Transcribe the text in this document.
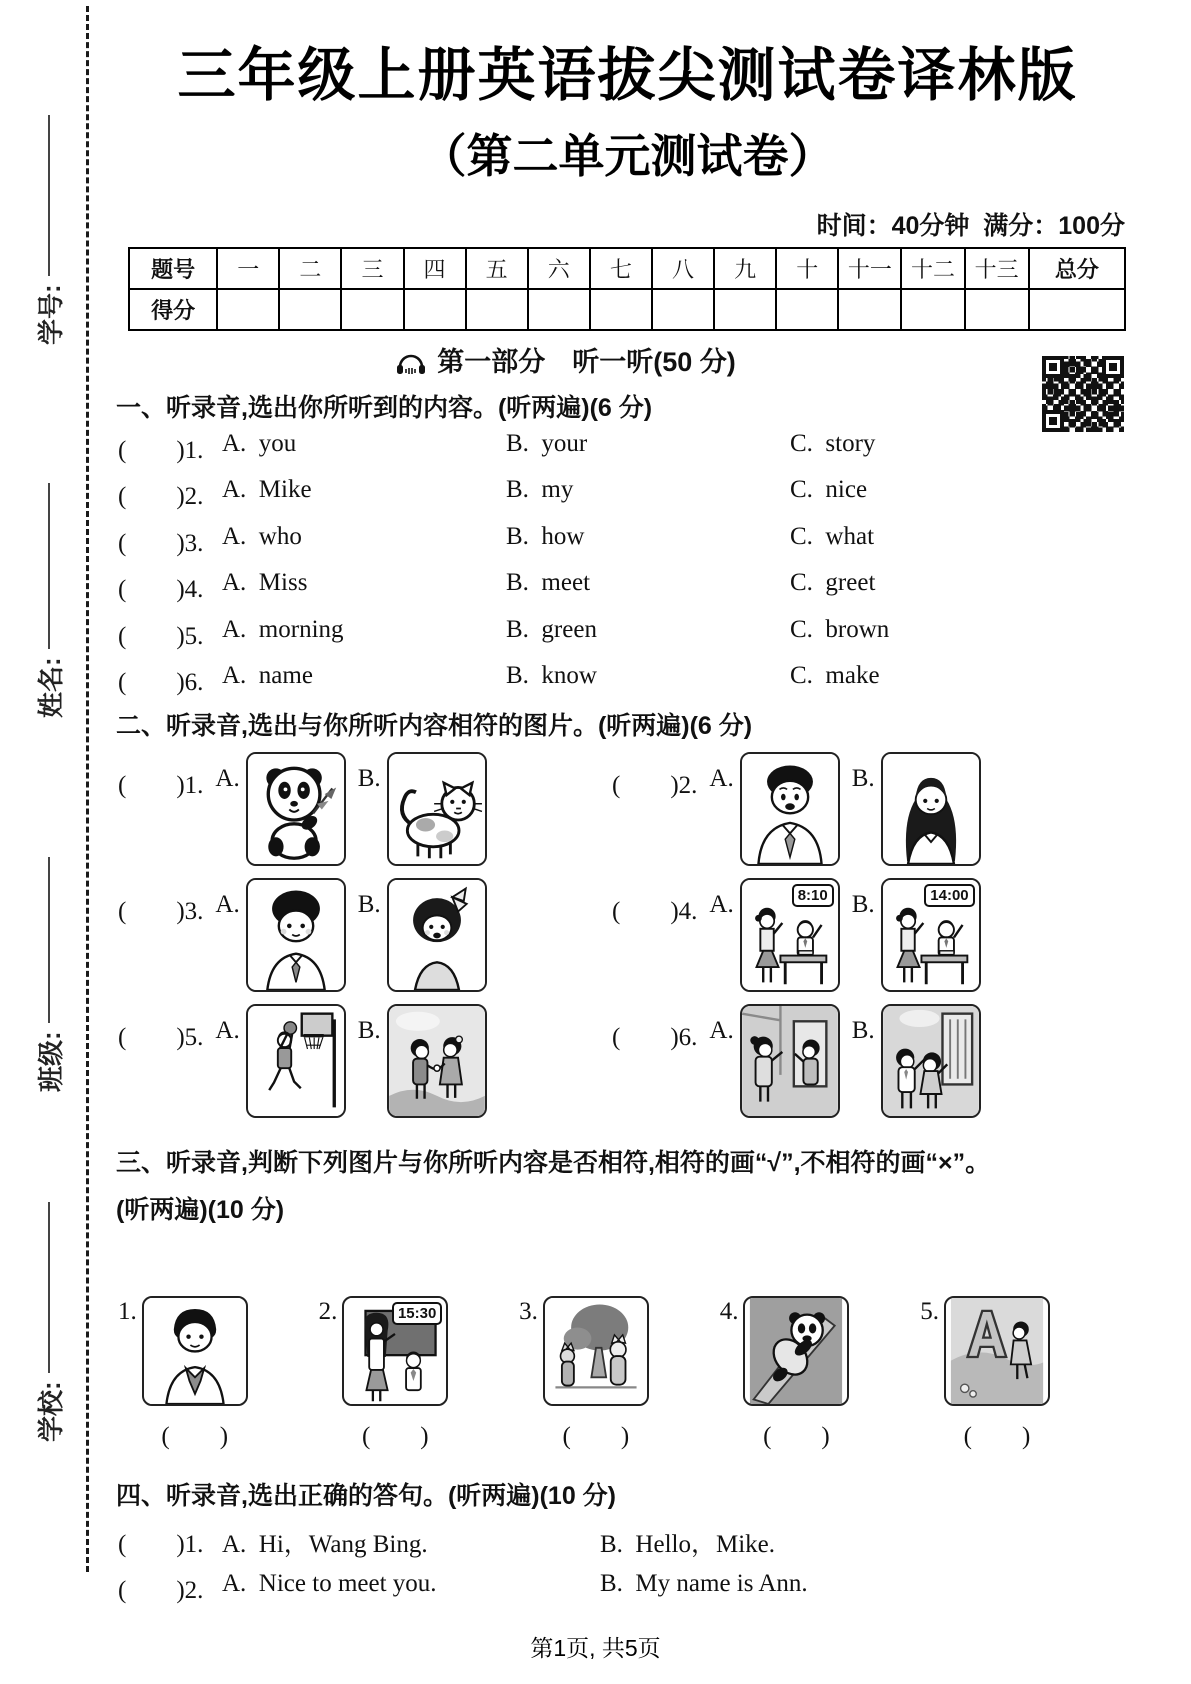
学号:
姓名:
班级:
学校:
三年级上册英语拔尖测试卷译林版
（第二单元测试卷）
时间：40分钟  满分：100分
题号	一	二	三	四	五	六	七	八	九	十	十一	十二	十三	总分
得分														
第一部分　听一听(50 分)
一、听录音,选出你所听到的内容。(听两遍)(6 分)
(　　)1. A.  you	B.  your	C.  story
(　　)2. A.  Mike	B.  my	C.  nice
(　　)3. A.  who	B.  how	C.  what
(　　)4. A.  Miss	B.  meet	C.  greet
(　　)5. A.  morning	B.  green	C.  brown
(　　)6. A.  name	B.  know	C.  make
二、听录音,选出与你所听内容相符的图片。(听两遍)(6 分)
(　　)1. A.	B.	(　　)2. A.	B.
(　　)3. A.	B.	(　　)4. A.	8:10 B.	14:00
(　　)5. A.	B.	(　　)6. A.	B.
三、听录音,判断下列图片与你所听内容是否相符,相符的画“√”,不相符的画“×”。
(听两遍)(10 分)
1.
(　　)
2.	15:30
(　　)
3.
(　　)
4.
(　　)
5.
(　　)
四、听录音,选出正确的答句。(听两遍)(10 分)
(　　)1. A.  Hi，Wang Bing.	B.  Hello，Mike.
(　　)2. A.  Nice to meet you.	B.  My name is Ann.
第1页, 共5页
